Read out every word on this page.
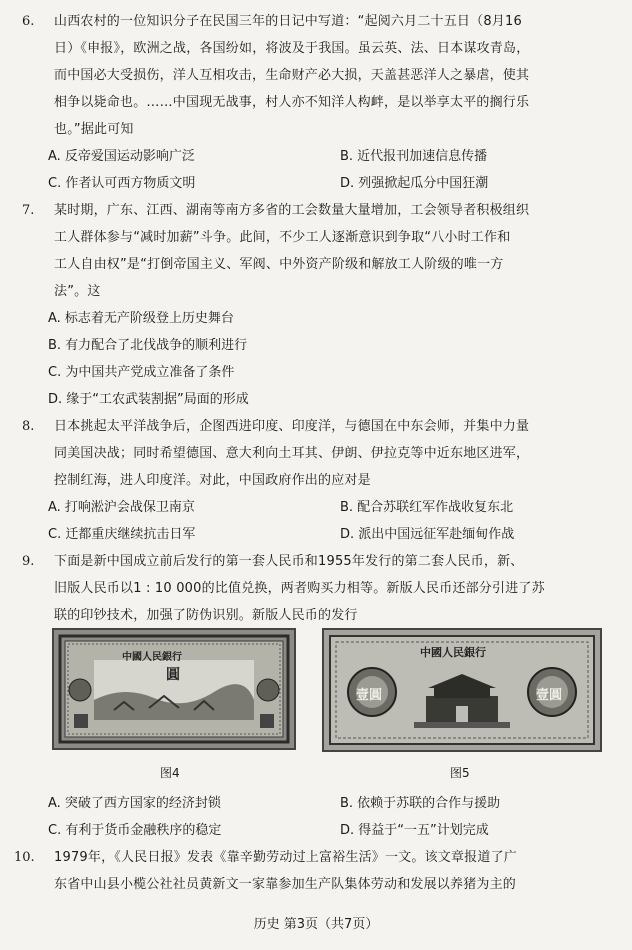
6. 山西农村的一位知识分子在民国三年的日记中写道：“起阅六月二十五日（8月16
日）《申报》，欧洲之战，各国纷如，将波及于我国。虽云英、法、日本谋攻青岛，
而中国必大受损伤，洋人互相攻击，生命财产必大损，天盖甚恶洋人之暴虐，使其
相争以毙命也。……中国现无战事，村人亦不知洋人构衅，是以举享太平的搁行乐
也。”据此可知
A. 反帝爱国运动影响广泛	B. 近代报刊加速信息传播
C. 作者认可西方物质文明	D. 列强掀起瓜分中国狂潮
7. 某时期，广东、江西、湖南等南方多省的工会数量大量增加，工会领导者积极组织
工人群体参与“减时加薪”斗争。此间，不少工人逐渐意识到争取“八小时工作和
工人自由权”是“打倒帝国主义、军阀、中外资产阶级和解放工人阶级的唯一方
法”。这
A. 标志着无产阶级登上历史舞台
B. 有力配合了北伐战争的顺利进行
C. 为中国共产党成立准备了条件
D. 缘于“工农武装割据”局面的形成
8. 日本挑起太平洋战争后，企图西进印度、印度洋，与德国在中东会师，并集中力量
同美国决战；同时希望德国、意大利向土耳其、伊朗、伊拉克等中近东地区进军，
控制红海，进人印度洋。对此，中国政府作出的应对是
A. 打响淞沪会战保卫南京	B. 配合苏联红军作战收复东北
C. 迁都重庆继续抗击日军	D. 派出中国远征军赴缅甸作战
9. 下面是新中国成立前后发行的第一套人民币和1955年发行的第二套人民币，新、
旧版人民币以1 : 10 000的比值兑换，两者购买力相等。新版人民币还部分引进了苏
联的印钞技术，加强了防伪识别。新版人民币的发行
中國人民銀行
圓
中國人民銀行
壹圓	壹圓
图4	图5
A. 突破了西方国家的经济封锁	B. 依赖于苏联的合作与援助
C. 有利于货币金融秩序的稳定	D. 得益于“一五”计划完成
10. 1979年，《人民日报》发表《靠辛勤劳动过上富裕生活》一文。该文章报道了广
东省中山县小榄公社社员黄新文一家靠参加生产队集体劳动和发展以养猪为主的
历史 第3页（共7页）
